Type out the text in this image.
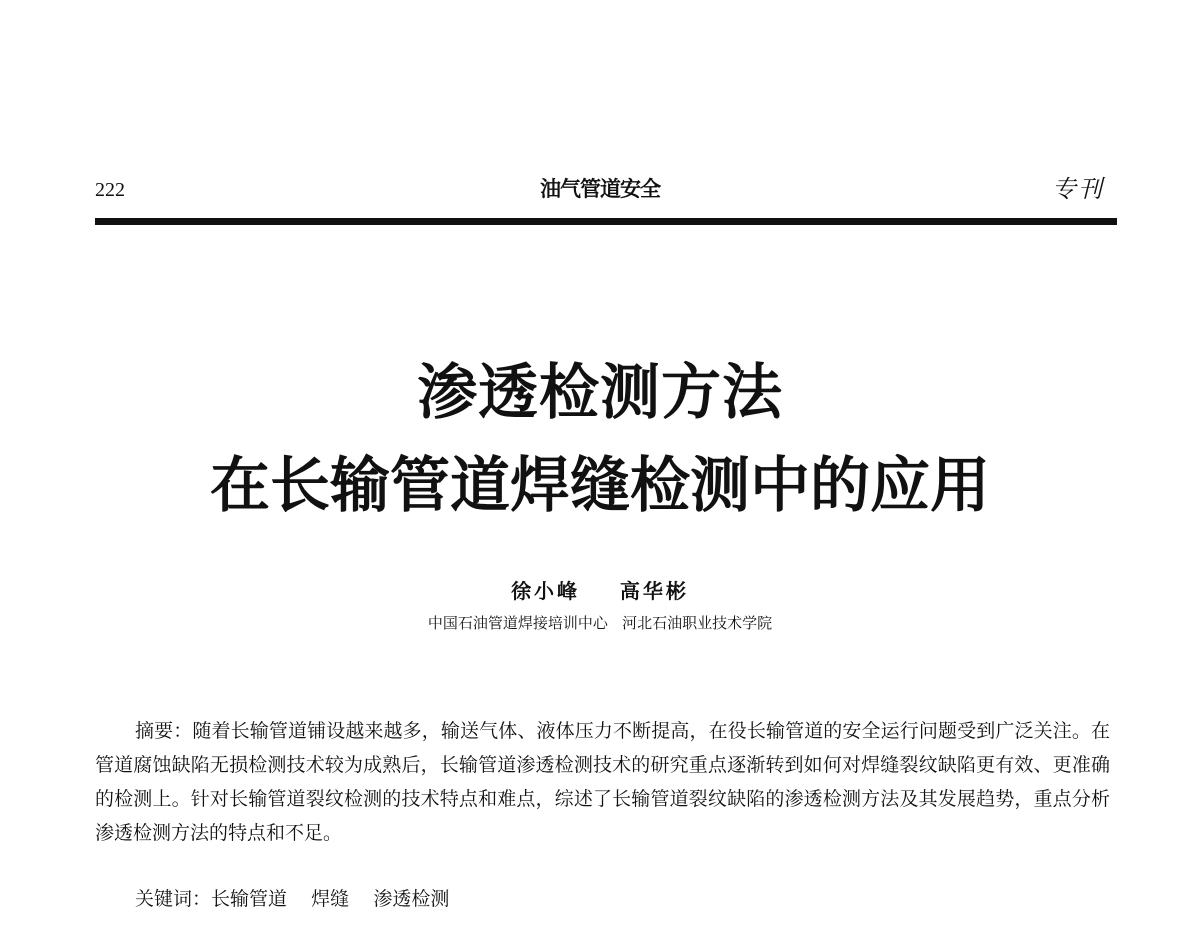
222	油气管道安全	专刊
渗透检测方法
在长输管道焊缝检测中的应用
徐小峰    高华彬
中国石油管道焊接培训中心   河北石油职业技术学院

摘要：随着长输管道铺设越来越多，输送气体、液体压力不断提高，在役长输管道的安全运行问题受到广泛关注。在管道腐蚀缺陷无损检测技术较为成熟后，长输管道渗透检测技术的研究重点逐渐转到如何对焊缝裂纹缺陷更有效、更准确的检测上。针对长输管道裂纹检测的技术特点和难点，综述了长输管道裂纹缺陷的渗透检测方法及其发展趋势，重点分析渗透检测方法的特点和不足。

关键词：长输管道    焊缝    渗透检测
